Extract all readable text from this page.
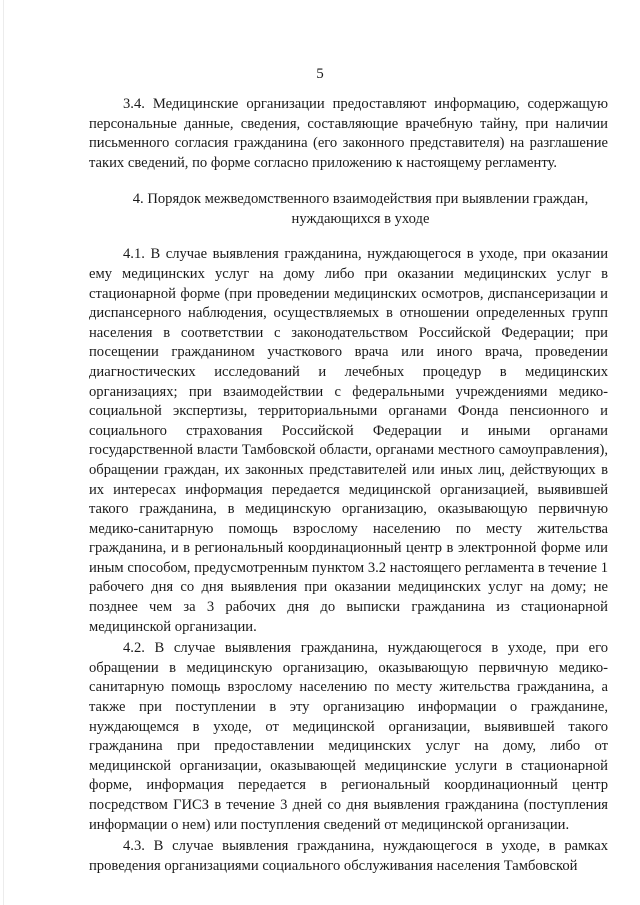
5

3.4. Медицинские организации предоставляют информацию, содержащую персональные данные, сведения, составляющие врачебную тайну, при наличии письменного согласия гражданина (его законного представителя) на разглашение таких сведений, по форме согласно приложению к настоящему регламенту.

4. Порядок межведомственного взаимодействия при выявлении граждан, нуждающихся в уходе

4.1. В случае выявления гражданина, нуждающегося в уходе, при оказании ему медицинских услуг на дому либо при оказании медицинских услуг в стационарной форме (при проведении медицинских осмотров, диспансеризации и диспансерного наблюдения, осуществляемых в отношении определенных групп населения в соответствии с законодательством Российской Федерации; при посещении гражданином участкового врача или иного врача, проведении диагностических исследований и лечебных процедур в медицинских организациях; при взаимодействии с федеральными учреждениями медико-социальной экспертизы, территориальными органами Фонда пенсионного и социального страхования Российской Федерации и иными органами государственной власти Тамбовской области, органами местного самоуправления), обращении граждан, их законных представителей или иных лиц, действующих в их интересах информация передается медицинской организацией, выявившей такого гражданина, в медицинскую организацию, оказывающую первичную медико-санитарную помощь взрослому населению по месту жительства гражданина, и в региональный координационный центр в электронной форме или иным способом, предусмотренным пунктом 3.2 настоящего регламента в течение 1 рабочего дня со дня выявления при оказании медицинских услуг на дому; не позднее чем за 3 рабочих дня до выписки гражданина из стационарной медицинской организации.

4.2. В случае выявления гражданина, нуждающегося в уходе, при его обращении в медицинскую организацию, оказывающую первичную медико-санитарную помощь взрослому населению по месту жительства гражданина, а также при поступлении в эту организацию информации о гражданине, нуждающемся в уходе, от медицинской организации, выявившей такого гражданина при предоставлении медицинских услуг на дому, либо от медицинской организации, оказывающей медицинские услуги в стационарной форме, информация передается в региональный координационный центр посредством ГИСЗ в течение 3 дней со дня выявления гражданина (поступления информации о нем) или поступления сведений от медицинской организации.

4.3. В случае выявления гражданина, нуждающегося в уходе, в рамках проведения организациями социального обслуживания населения Тамбовской
